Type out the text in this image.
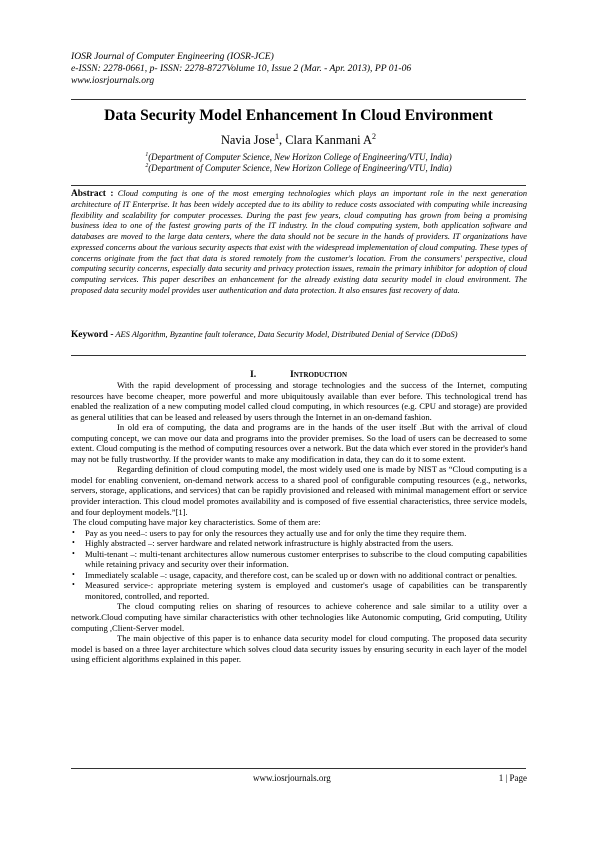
IOSR Journal of Computer Engineering (IOSR-JCE)
e-ISSN: 2278-0661, p- ISSN: 2278-8727Volume 10, Issue 2 (Mar. - Apr. 2013), PP 01-06
www.iosrjournals.org
Data Security Model Enhancement In Cloud Environment
Navia Jose$^1$, Clara Kanmani $A^2$
$^1$(Department of Computer Science, New Horizon College of Engineering/VTU, India)
$^2$(Department of Computer Science, New Horizon College of Engineering/VTU, India)
Abstract : Cloud computing is one of the most emerging technologies which plays an important role in the next generation architecture of IT Enterprise. It has been widely accepted due to its ability to reduce costs associated with computing while increasing flexibility and scalability for computer processes. During the past few years, cloud computing has grown from being a promising business idea to one of the fastest growing parts of the IT industry. In the cloud computing system, both application software and databases are moved to the large data centers, where the data should not be secure in the hands of providers. IT organizations have expressed concerns about the various security aspects that exist with the widespread implementation of cloud computing. These types of concerns originate from the fact that data is stored remotely from the customer's location. From the consumers' perspective, cloud computing security concerns, especially data security and privacy protection issues, remain the primary inhibitor for adoption of cloud computing services. This paper describes an enhancement for the already existing data security model in cloud environment. The proposed data security model provides user authentication and data protection. It also ensures fast recovery of data.
Keyword - AES Algorithm, Byzantine fault tolerance, Data Security Model, Distributed Denial of Service (DDoS)
I.	Introduction

With the rapid development of processing and storage technologies and the success of the Internet, computing resources have become cheaper, more powerful and more ubiquitously available than ever before. This technological trend has enabled the realization of a new computing model called cloud computing, in which resources (e.g. CPU and storage) are provided as general utilities that can be leased and released by users through the Internet in an on-demand fashion.

In old era of computing, the data and programs are in the hands of the user itself .But with the arrival of cloud computing concept, we can move our data and programs into the provider premises. So the load of users can be decreased to some extent. Cloud computing is the method of computing resources over a network. But the data which ever stored in the provider's hand may not be fully trustworthy. If the provider wants to make any modification in data, they can do it to some extent.

Regarding definition of cloud computing model, the most widely used one is made by NIST as “Cloud computing is a model for enabling convenient, on-demand network access to a shared pool of configurable computing resources (e.g., networks, servers, storage, applications, and services) that can be rapidly provisioned and released with minimal management effort or service provider interaction. This cloud model promotes availability and is composed of five essential characteristics, three service models, and four deployment models.”[1].

The cloud computing have major key characteristics. Some of them are:

• Pay as you need–: users to pay for only the resources they actually use and for only the time they require them.
• Highly abstracted –: server hardware and related network infrastructure is highly abstracted from the users.
• Multi-tenant –: multi-tenant architectures allow numerous customer enterprises to subscribe to the cloud computing capabilities while retaining privacy and security over their information.
• Immediately scalable –: usage, capacity, and therefore cost, can be scaled up or down with no additional contract or penalties.
• Measured service-: appropriate metering system is employed and customer's usage of capabilities can be transparently monitored, controlled, and reported.

The cloud computing relies on sharing of resources to achieve coherence and sale similar to a utility over a network.Cloud computing have similar characteristics with other technologies like Autonomic computing, Grid computing, Utility computing ,Client-Server model.

The main objective of this paper is to enhance data security model for cloud computing. The proposed data security model is based on a three layer architecture which solves cloud data security issues by ensuring security in each layer of the model using efficient algorithms explained in this paper.

www.iosrjournals.org	1 | Page
